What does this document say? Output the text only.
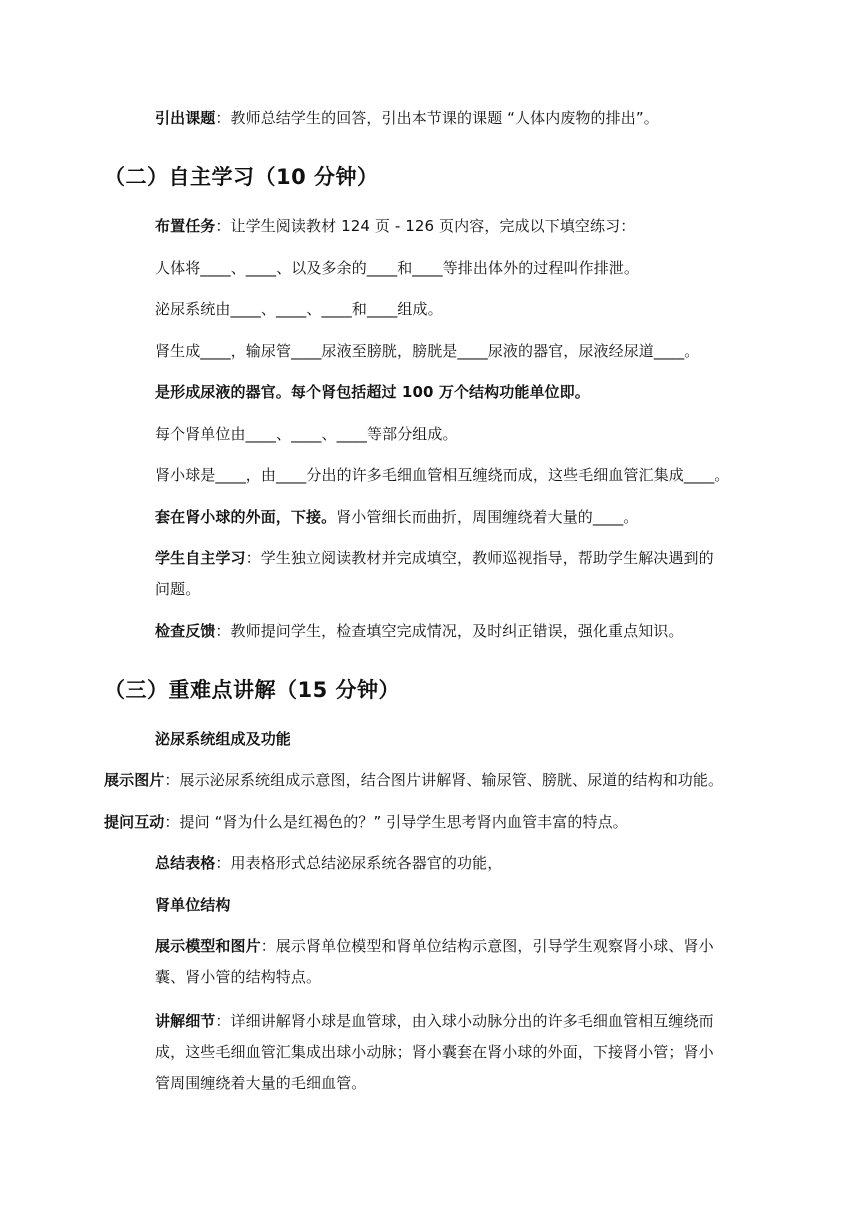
引出课题：教师总结学生的回答，引出本节课的课题 “人体内废物的排出”。
（二）自主学习（10 分钟）
布置任务：让学生阅读教材 124 页 - 126 页内容，完成以下填空练习：
人体将____、____、以及多余的____和____等排出体外的过程叫作排泄。
泌尿系统由____、____、____和____组成。
肾生成____，输尿管____尿液至膀胱，膀胱是____尿液的器官，尿液经尿道____。
是形成尿液的器官。每个肾包括超过 100 万个结构功能单位即。
每个肾单位由____、____、____等部分组成。
肾小球是____，由____分出的许多毛细血管相互缠绕而成，这些毛细血管汇集成____。
套在肾小球的外面，下接。肾小管细长而曲折，周围缠绕着大量的____。
学生自主学习：学生独立阅读教材并完成填空，教师巡视指导，帮助学生解决遇到的
问题。
检查反馈：教师提问学生，检查填空完成情况，及时纠正错误，强化重点知识。
（三）重难点讲解（15 分钟）
泌尿系统组成及功能
展示图片：展示泌尿系统组成示意图，结合图片讲解肾、输尿管、膀胱、尿道的结构和功能。
提问互动：提问 “肾为什么是红褐色的？” 引导学生思考肾内血管丰富的特点。
总结表格：用表格形式总结泌尿系统各器官的功能，
肾单位结构
展示模型和图片：展示肾单位模型和肾单位结构示意图，引导学生观察肾小球、肾小
囊、肾小管的结构特点。
讲解细节：详细讲解肾小球是血管球，由入球小动脉分出的许多毛细血管相互缠绕而
成，这些毛细血管汇集成出球小动脉；肾小囊套在肾小球的外面，下接肾小管；肾小
管周围缠绕着大量的毛细血管。
